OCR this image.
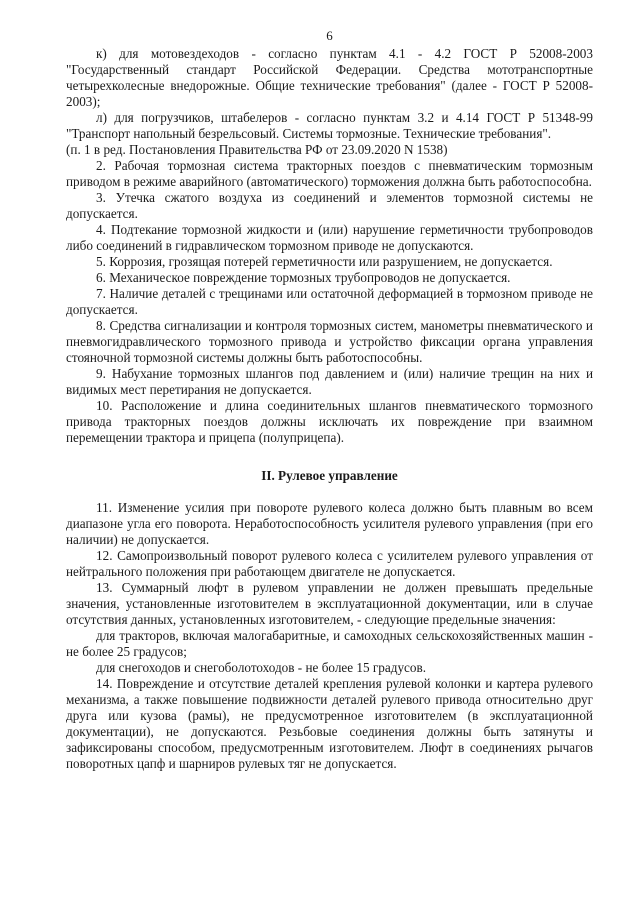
6

к) для мотовездеходов - согласно пунктам 4.1 - 4.2 ГОСТ Р 52008-2003 "Государственный стандарт Российской Федерации. Средства мототранспортные четырехколесные внедорожные. Общие технические требования" (далее - ГОСТ Р 52008-2003);

л) для погрузчиков, штабелеров - согласно пунктам 3.2 и 4.14 ГОСТ Р 51348-99 "Транспорт напольный безрельсовый. Системы тормозные. Технические требования".

(п. 1 в ред. Постановления Правительства РФ от 23.09.2020 N 1538)

2. Рабочая тормозная система тракторных поездов с пневматическим тормозным приводом в режиме аварийного (автоматического) торможения должна быть работоспособна.

3. Утечка сжатого воздуха из соединений и элементов тормозной системы не допускается.

4. Подтекание тормозной жидкости и (или) нарушение герметичности трубопроводов либо соединений в гидравлическом тормозном приводе не допускаются.

5. Коррозия, грозящая потерей герметичности или разрушением, не допускается.

6. Механическое повреждение тормозных трубопроводов не допускается.

7. Наличие деталей с трещинами или остаточной деформацией в тормозном приводе не допускается.

8. Средства сигнализации и контроля тормозных систем, манометры пневматического и пневмогидравлического тормозного привода и устройство фиксации органа управления стояночной тормозной системы должны быть работоспособны.

9. Набухание тормозных шлангов под давлением и (или) наличие трещин на них и видимых мест перетирания не допускается.

10. Расположение и длина соединительных шлангов пневматического тормозного привода тракторных поездов должны исключать их повреждение при взаимном перемещении трактора и прицепа (полуприцепа).

II. Рулевое управление

11. Изменение усилия при повороте рулевого колеса должно быть плавным во всем диапазоне угла его поворота. Неработоспособность усилителя рулевого управления (при его наличии) не допускается.

12. Самопроизвольный поворот рулевого колеса с усилителем рулевого управления от нейтрального положения при работающем двигателе не допускается.

13. Суммарный люфт в рулевом управлении не должен превышать предельные значения, установленные изготовителем в эксплуатационной документации, или в случае отсутствия данных, установленных изготовителем, - следующие предельные значения:

для тракторов, включая малогабаритные, и самоходных сельскохозяйственных машин - не более 25 градусов;

для снегоходов и снегоболотоходов - не более 15 градусов.

14. Повреждение и отсутствие деталей крепления рулевой колонки и картера рулевого механизма, а также повышение подвижности деталей рулевого привода относительно друг друга или кузова (рамы), не предусмотренное изготовителем (в эксплуатационной документации), не допускаются. Резьбовые соединения должны быть затянуты и зафиксированы способом, предусмотренным изготовителем. Люфт в соединениях рычагов поворотных цапф и шарниров рулевых тяг не допускается.
